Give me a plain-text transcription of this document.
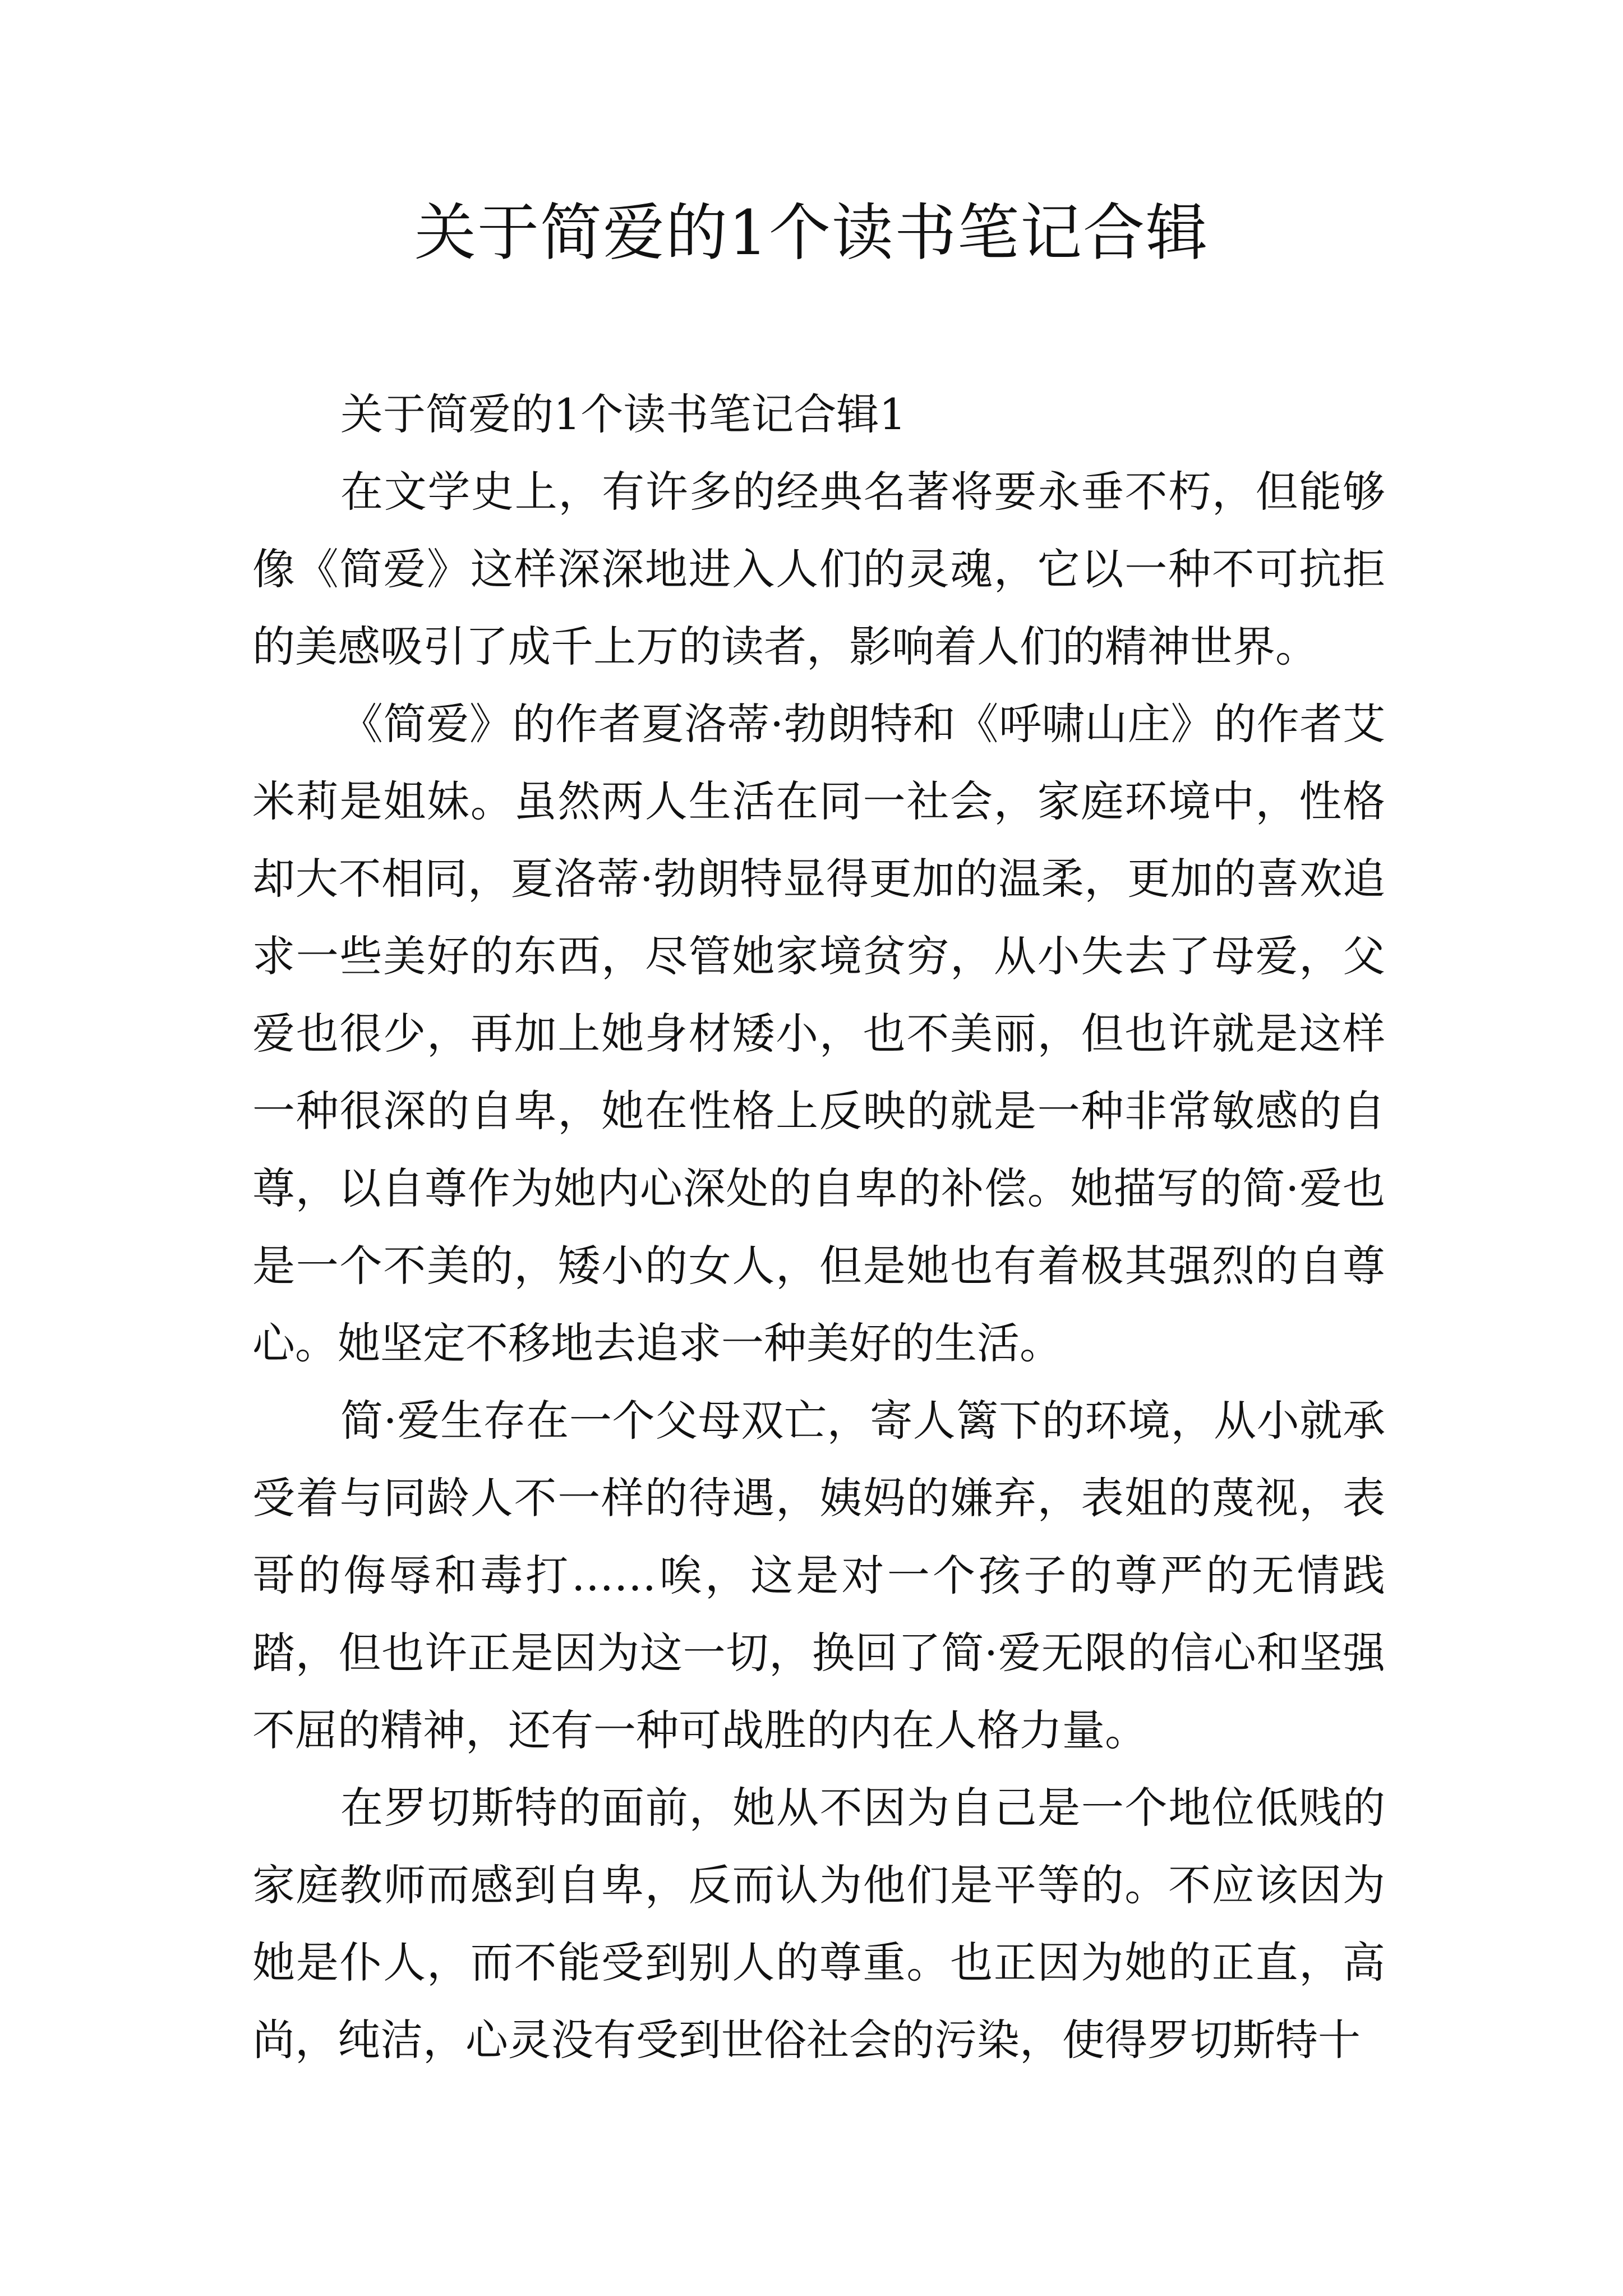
关于简爱的1个读书笔记合辑
关于简爱的1个读书笔记合辑1

在文学史上，有许多的经典名著将要永垂不朽，但能够像《简爱》这样深深地进入人们的灵魂，它以一种不可抗拒的美感吸引了成千上万的读者，影响着人们的精神世界。

《简爱》的作者夏洛蒂·勃朗特和《呼啸山庄》的作者艾米莉是姐妹。虽然两人生活在同一社会，家庭环境中，性格却大不相同，夏洛蒂·勃朗特显得更加的温柔，更加的喜欢追求一些美好的东西，尽管她家境贫穷，从小失去了母爱，父爱也很少，再加上她身材矮小，也不美丽，但也许就是这样一种很深的自卑，她在性格上反映的就是一种非常敏感的自尊，以自尊作为她内心深处的自卑的补偿。她描写的简·爱也是一个不美的，矮小的女人，但是她也有着极其强烈的自尊心。她坚定不移地去追求一种美好的生活。

简·爱生存在一个父母双亡，寄人篱下的环境，从小就承受着与同龄人不一样的待遇，姨妈的嫌弃，表姐的蔑视，表哥的侮辱和毒打……唉，这是对一个孩子的尊严的无情践踏，但也许正是因为这一切，换回了简·爱无限的信心和坚强不屈的精神，还有一种可战胜的内在人格力量。

在罗切斯特的面前，她从不因为自己是一个地位低贱的家庭教师而感到自卑，反而认为他们是平等的。不应该因为她是仆人，而不能受到别人的尊重。也正因为她的正直，高尚，纯洁，心灵没有受到世俗社会的污染，使得罗切斯特十
